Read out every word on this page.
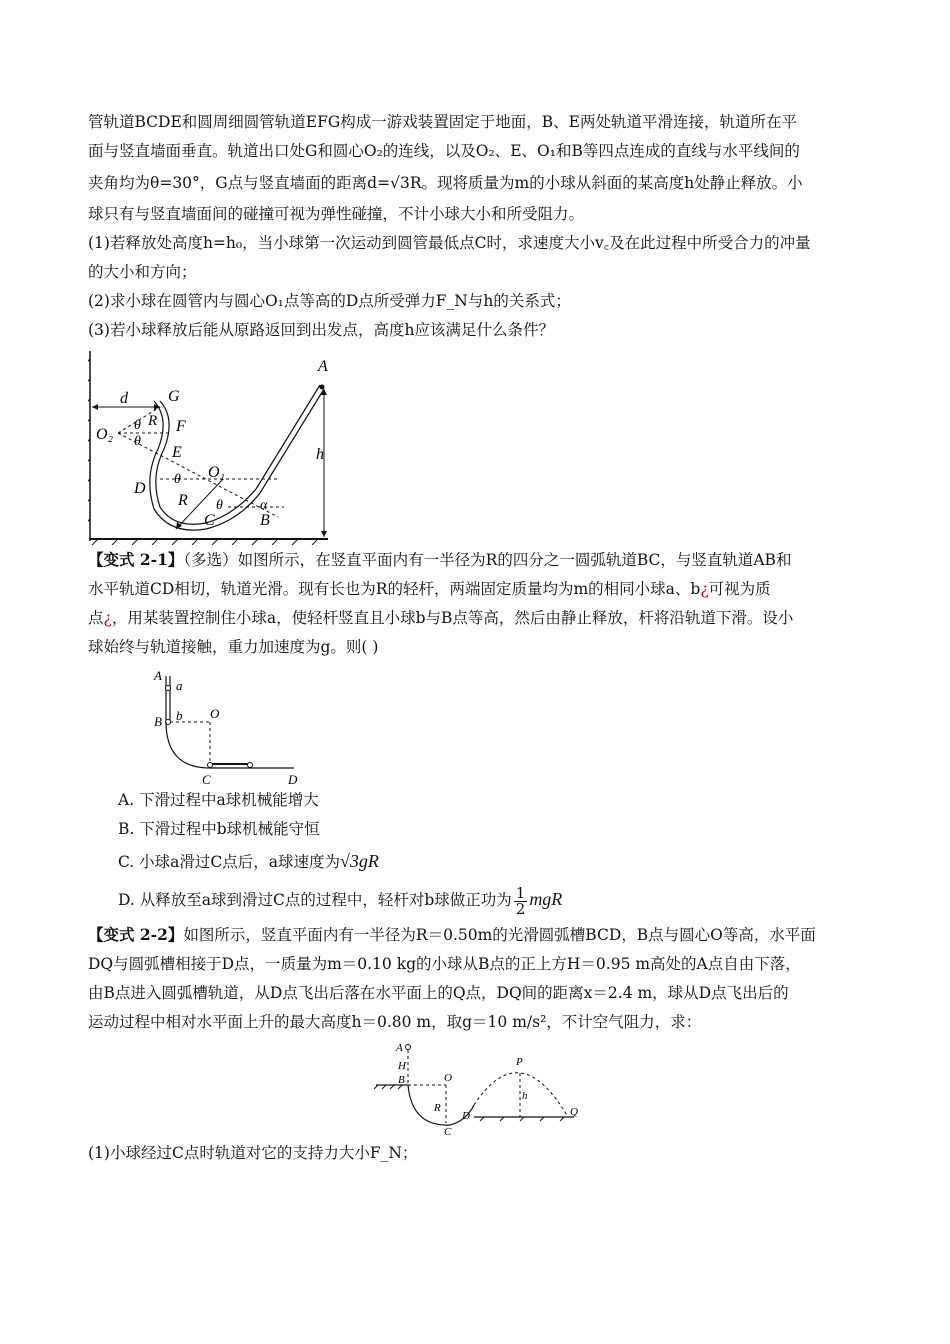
管轨道BCDE和圆周细圆管轨道EFG构成一游戏装置固定于地面，B、E两处轨道平滑连接，轨道所在平

面与竖直墙面垂直。轨道出口处G和圆心O₂的连线，以及O₂、E、O₁和B等四点连成的直线与水平线间的

夹角均为θ=30°，G点与竖直墙面的距离d=√3R。现将质量为m的小球从斜面的某高度h处静止释放。小

球只有与竖直墙面间的碰撞可视为弹性碰撞，不计小球大小和所受阻力。

(1)若释放处高度h=h₀，当小球第一次运动到圆管最低点C时，求速度大小v꜀及在此过程中所受合力的冲量

的大小和方向；

(2)求小球在圆管内与圆心O₁点等高的D点所受弹力F_N与h的关系式；

(3)若小球释放后能从原路返回到出发点，高度h应该满足什么条件？

A
d	G
O₂
R
θ
θ
F
E	h
D
θ O₁
R θ	α
C	B

【变式 2-1】（多选）如图所示，在竖直平面内有一半径为R的四分之一圆弧轨道BC，与竖直轨道AB和

水平轨道CD相切，轨道光滑。现有长也为R的轻杆，两端固定质量均为m的相同小球a、b¿可视为质

点¿，用某装置控制住小球a，使轻杆竖直且小球b与B点等高，然后由静止释放，杆将沿轨道下滑。设小

球始终与轨道接触，重力加速度为g。则( )

A
a
B b O
C	D

A. 下滑过程中a球机械能增大

B. 下滑过程中b球机械能守恒

C. 小球a滑过C点后，a球速度为√3gR

D. 从释放至a球到滑过C点的过程中，轻杆对b球做正功为 $\frac{1}{2}$ mgR

【变式 2-2】如图所示，竖直平面内有一半径为R＝0.50m的光滑圆弧槽BCD，B点与圆心O等高，水平面

DQ与圆弧槽相接于D点，一质量为m＝0.10 kg的小球从B点的正上方H＝0.95 m高处的A点自由下落，

由B点进入圆弧槽轨道，从D点飞出后落在水平面上的Q点，DQ间的距离x＝2.4 m，球从D点飞出后的

运动过程中相对水平面上升的最大高度h＝0.80 m，取g＝10 m/s²，不计空气阻力，求：

A
H
B	O
R
C
D
P
h
Q

(1)小球经过C点时轨道对它的支持力大小F_N；
